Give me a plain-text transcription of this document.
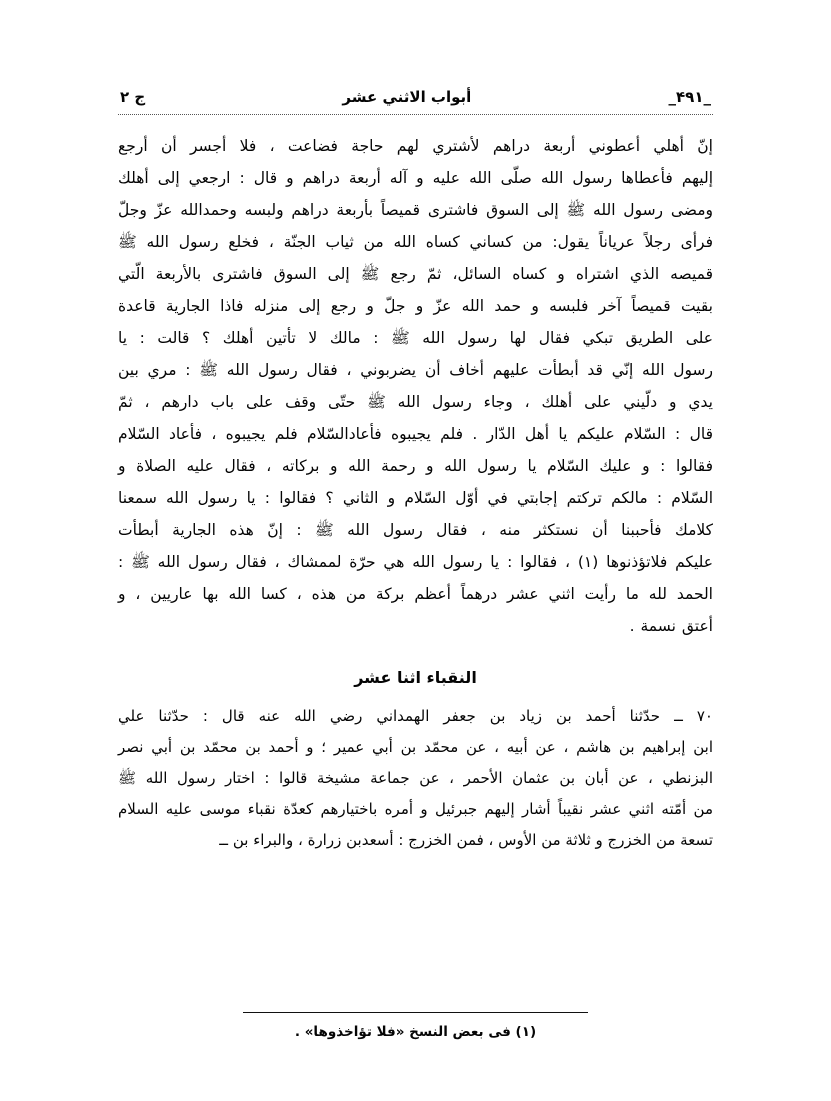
_۴۹۱_
أبواب الاثني عشر
ج ٢

إنّ أهلي أعطوني أربعة دراهم لأشتري لهم حاجة فضاعت ، فلا أجسر أن أرجع

إليهم فأعطاها رسول الله صلّى الله عليه و آله أربعة دراهم و قال : ارجعي إلى أهلك

ومضى رسول الله ﷺ إلى السوق فاشترى قميصاً بأربعة دراهم ولبسه وحمدالله عزّ وجلّ

فرأى رجلاً عرياناً يقول: من كساني كساه الله من ثياب الجنّة ، فخلع رسول الله ﷺ

قميصه الذي اشتراه و كساه السائل، ثمّ رجع ﷺ إلى السوق فاشترى بالأربعة الّتي

بقيت قميصاً آخر فلبسه و حمد الله عزّ و جلّ و رجع إلى منزله فاذا الجارية قاعدة

على الطريق تبكي فقال لها رسول الله ﷺ : مالك لا تأتين أهلك ؟ قالت : يا

رسول الله إنّي قد أبطأت عليهم أخاف أن يضربوني ، فقال رسول الله ﷺ : مري بين

يدي و دلّيني على أهلك ، وجاء رسول الله ﷺ حتّى وقف على باب دارهم ، ثمّ

قال : السّلام عليكم يا أهل الدّار . فلم يجيبوه فأعادالسّلام فلم يجيبوه ، فأعاد السّلام

فقالوا : و عليك السّلام يا رسول الله و رحمة الله و بركاته ، فقال عليه الصلاة و

السّلام : مالكم تركتم إجابتي في أوّل السّلام و الثاني ؟ فقالوا : يا رسول الله سمعنا

كلامك فأحببنا أن نستكثر منه ، فقال رسول الله ﷺ : إنّ هذه الجارية أبطأت

عليكم فلاتؤذنوها (١) ، فقالوا : يا رسول الله هي حرّة لممشاك ، فقال رسول الله ﷺ :

الحمد لله ما رأيت اثني عشر درهماً أعظم بركة من هذه ، كسا الله بها عاريين ، و

أعتق نسمة .

النقباء اثنا عشر

٧٠ ــ حدّثنا أحمد بن زياد بن جعفر الهمداني رضي الله عنه قال : حدّثنا علي

ابن إبراهيم بن هاشم ، عن أبيه ، عن محمّد بن أبي عمير ؛ و أحمد بن محمّد بن أبي نصر

البزنطي ، عن أبان بن عثمان الأحمر ، عن جماعة مشيخة قالوا : اختار رسول الله ﷺ

من أمّته اثني عشر نقيباً أشار إليهم جبرئيل و أمره باختيارهم كعدّة نقباء موسى عليه السلام

تسعة من الخزرج و ثلاثة من الأوس ، فمن الخزرج : أسعدبن زرارة ، والبراء بن ــ

(١) فى بعض النسخ «فلا تؤاخذوها» .
